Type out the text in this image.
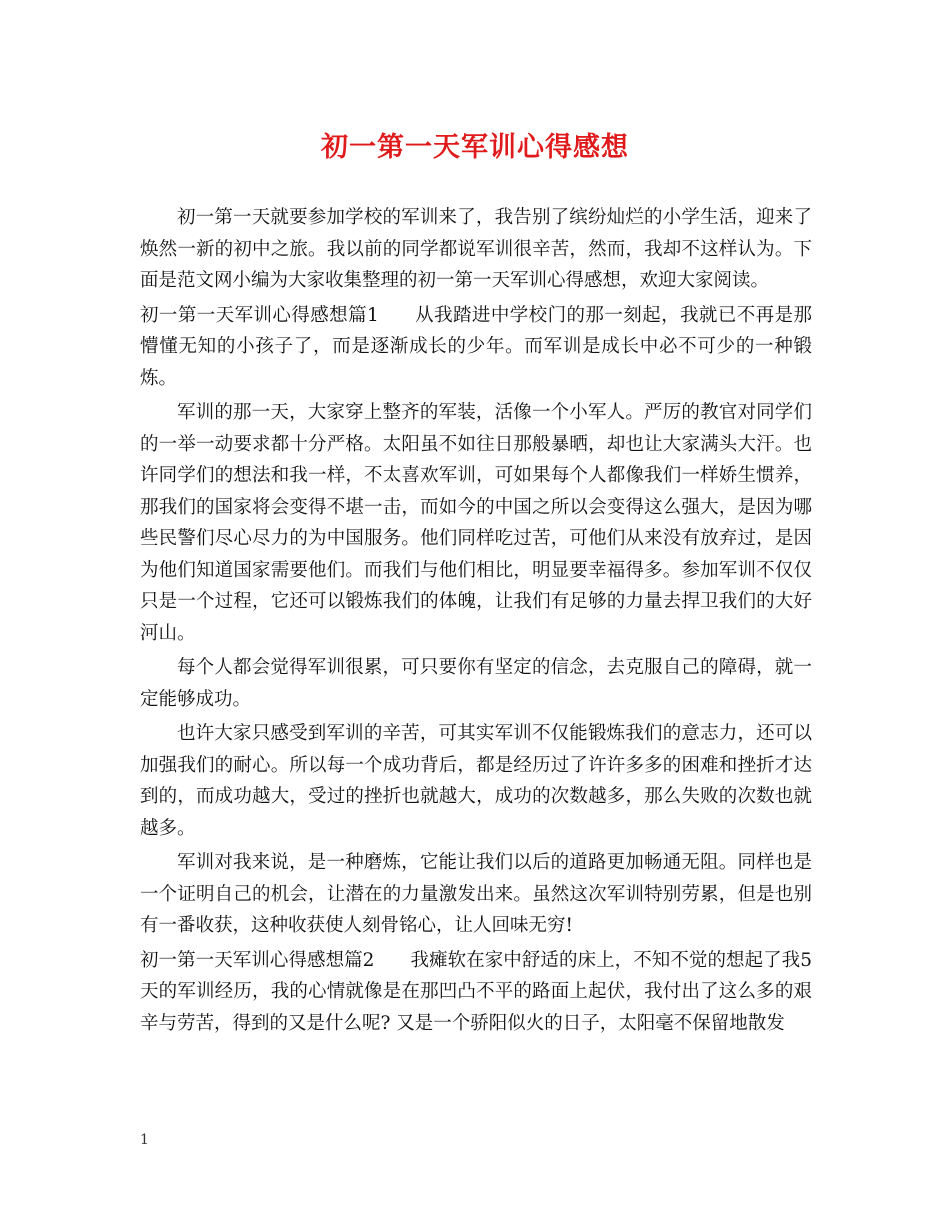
初一第一天军训心得感想

初一第一天就要参加学校的军训来了，我告别了缤纷灿烂的小学生活，迎来了焕然一新的初中之旅。我以前的同学都说军训很辛苦，然而，我却不这样认为。下面是范文网小编为大家收集整理的初一第一天军训心得感想，欢迎大家阅读。

初一第一天军训心得感想篇1 从我踏进中学校门的那一刻起，我就已不再是那懵懂无知的小孩子了，而是逐渐成长的少年。而军训是成长中必不可少的一种锻炼。

军训的那一天，大家穿上整齐的军装，活像一个小军人。严厉的教官对同学们的一举一动要求都十分严格。太阳虽不如往日那般暴晒，却也让大家满头大汗。也许同学们的想法和我一样，不太喜欢军训，可如果每个人都像我们一样娇生惯养，那我们的国家将会变得不堪一击，而如今的中国之所以会变得这么强大，是因为哪些民警们尽心尽力的为中国服务。他们同样吃过苦，可他们从来没有放弃过，是因为他们知道国家需要他们。而我们与他们相比，明显要幸福得多。参加军训不仅仅只是一个过程，它还可以锻炼我们的体魄，让我们有足够的力量去捍卫我们的大好河山。

每个人都会觉得军训很累，可只要你有坚定的信念，去克服自己的障碍，就一定能够成功。

也许大家只感受到军训的辛苦，可其实军训不仅能锻炼我们的意志力，还可以加强我们的耐心。所以每一个成功背后，都是经历过了许许多多的困难和挫折才达到的，而成功越大，受过的挫折也就越大，成功的次数越多，那么失败的次数也就越多。

军训对我来说，是一种磨炼，它能让我们以后的道路更加畅通无阻。同样也是一个证明自己的机会，让潜在的力量激发出来。虽然这次军训特别劳累，但是也别有一番收获，这种收获使人刻骨铭心，让人回味无穷!

初一第一天军训心得感想篇2 我瘫软在家中舒适的床上，不知不觉的想起了我5天的军训经历，我的心情就像是在那凹凸不平的路面上起伏，我付出了这么多的艰辛与劳苦，得到的又是什么呢? 又是一个骄阳似火的日子，太阳毫不保留地散发

1
